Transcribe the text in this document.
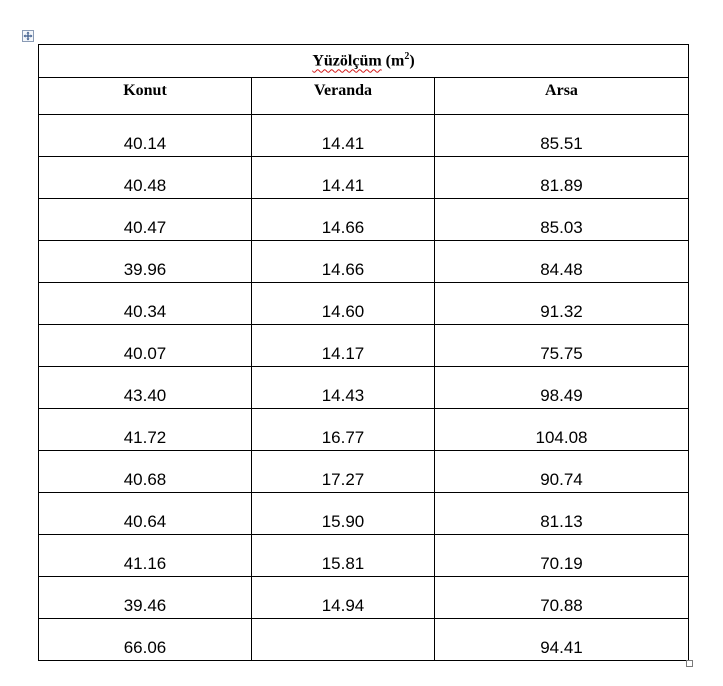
Yüzölçüm $(m^2)$		
Konut	Veranda	Arsa
40.14	14.41	85.51
40.48	14.41	81.89
40.47	14.66	85.03
39.96	14.66	84.48
40.34	14.60	91.32
40.07	14.17	75.75
43.40	14.43	98.49
41.72	16.77	104.08
40.68	17.27	90.74
40.64	15.90	81.13
41.16	15.81	70.19
39.46	14.94	70.88
66.06		94.41
